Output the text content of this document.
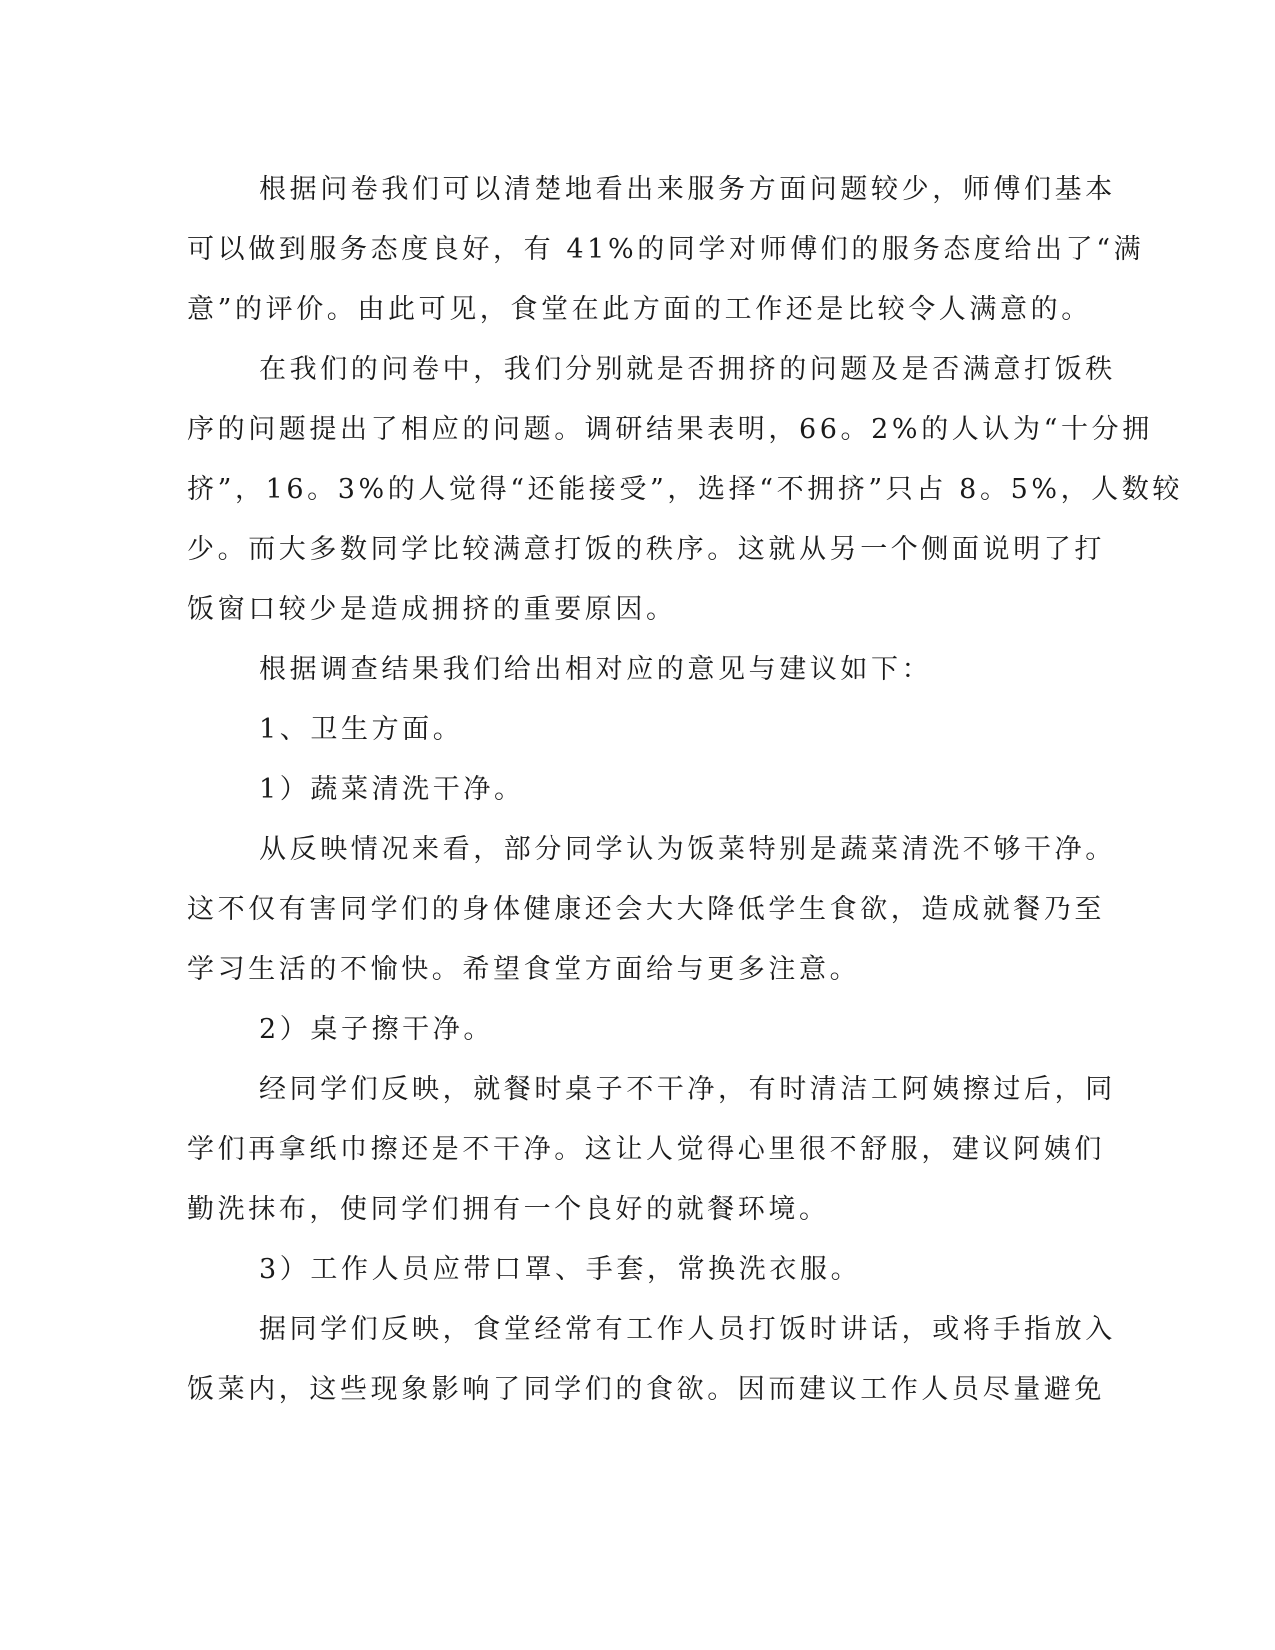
根据问卷我们可以清楚地看出来服务方面问题较少，师傅们基本
可以做到服务态度良好，有 41%的同学对师傅们的服务态度给出了“满
意”的评价。由此可见，食堂在此方面的工作还是比较令人满意的。
在我们的问卷中，我们分别就是否拥挤的问题及是否满意打饭秩
序的问题提出了相应的问题。调研结果表明，66。2%的人认为“十分拥
挤”，16。3%的人觉得“还能接受”，选择“不拥挤”只占 8。5%，人数较
少。而大多数同学比较满意打饭的秩序。这就从另一个侧面说明了打
饭窗口较少是造成拥挤的重要原因。
根据调查结果我们给出相对应的意见与建议如下：
1、卫生方面。
1）蔬菜清洗干净。
从反映情况来看，部分同学认为饭菜特别是蔬菜清洗不够干净。
这不仅有害同学们的身体健康还会大大降低学生食欲，造成就餐乃至
学习生活的不愉快。希望食堂方面给与更多注意。
2）桌子擦干净。
经同学们反映，就餐时桌子不干净，有时清洁工阿姨擦过后，同
学们再拿纸巾擦还是不干净。这让人觉得心里很不舒服，建议阿姨们
勤洗抹布，使同学们拥有一个良好的就餐环境。
3）工作人员应带口罩、手套，常换洗衣服。
据同学们反映，食堂经常有工作人员打饭时讲话，或将手指放入
饭菜内，这些现象影响了同学们的食欲。因而建议工作人员尽量避免
